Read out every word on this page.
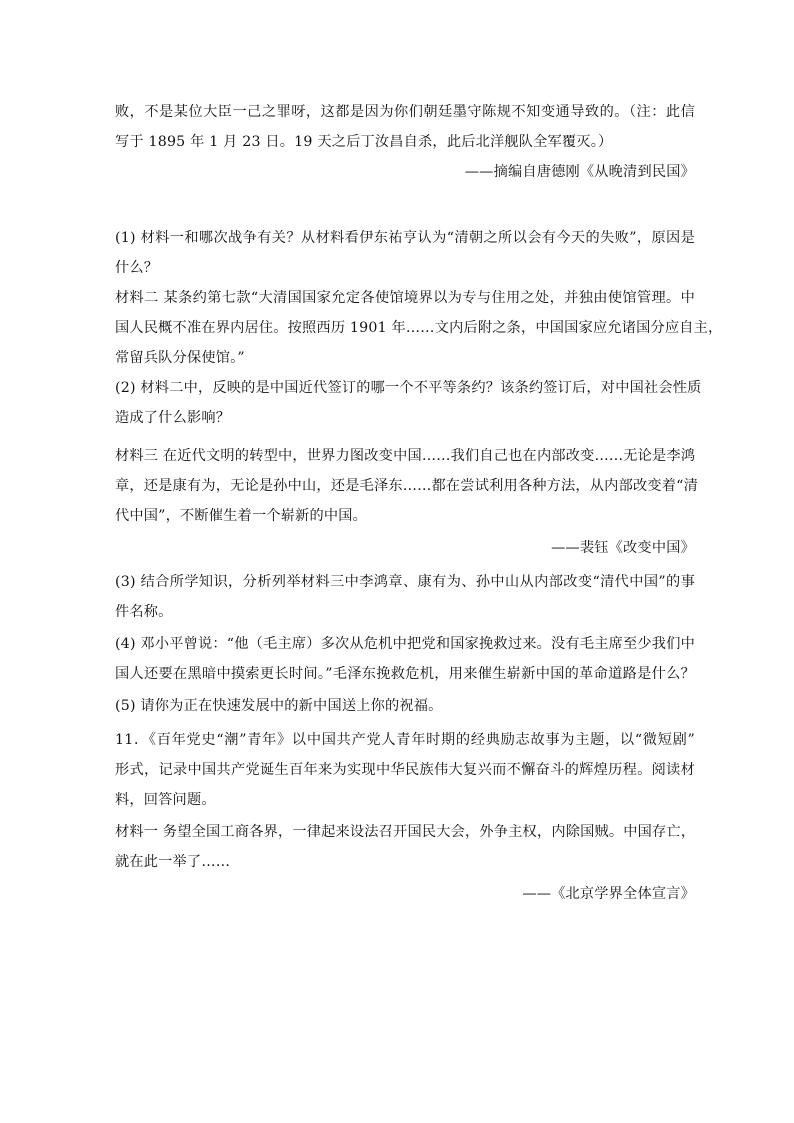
败，不是某位大臣一己之罪呀，这都是因为你们朝廷墨守陈规不知变通导致的。（注：此信
写于 1895 年 1 月 23 日。19 天之后丁汝昌自杀，此后北洋舰队全军覆灭。）
——摘编自唐德刚《从晚清到民国》
(1) 材料一和哪次战争有关？从材料看伊东祐亨认为“清朝之所以会有今天的失败”，原因是
什么？
材料二 某条约第七款“大清国国家允定各使馆境界以为专与住用之处，并独由使馆管理。中
国人民概不准在界内居住。按照西历 1901 年……文内后附之条，中国国家应允诸国分应自主，
常留兵队分保使馆。”
(2) 材料二中，反映的是中国近代签订的哪一个不平等条约？该条约签订后，对中国社会性质
造成了什么影响？
材料三 在近代文明的转型中，世界力图改变中国……我们自己也在内部改变……无论是李鸿
章，还是康有为，无论是孙中山，还是毛泽东……都在尝试利用各种方法，从内部改变着“清
代中国”，不断催生着一个崭新的中国。
——裴钰《改变中国》
(3) 结合所学知识，分析列举材料三中李鸿章、康有为、孙中山从内部改变“清代中国”的事
件名称。
(4) 邓小平曾说：“他（毛主席）多次从危机中把党和国家挽救过来。没有毛主席至少我们中
国人还要在黑暗中摸索更长时间。”毛泽东挽救危机，用来催生崭新中国的革命道路是什么？
(5) 请你为正在快速发展中的新中国送上你的祝福。
11．《百年党史“潮”青年》以中国共产党人青年时期的经典励志故事为主题，以“微短剧”
形式，记录中国共产党诞生百年来为实现中华民族伟大复兴而不懈奋斗的辉煌历程。阅读材
料，回答问题。
材料一 务望全国工商各界，一律起来设法召开国民大会，外争主权，内除国贼。中国存亡，
就在此一举了……
——《北京学界全体宣言》
